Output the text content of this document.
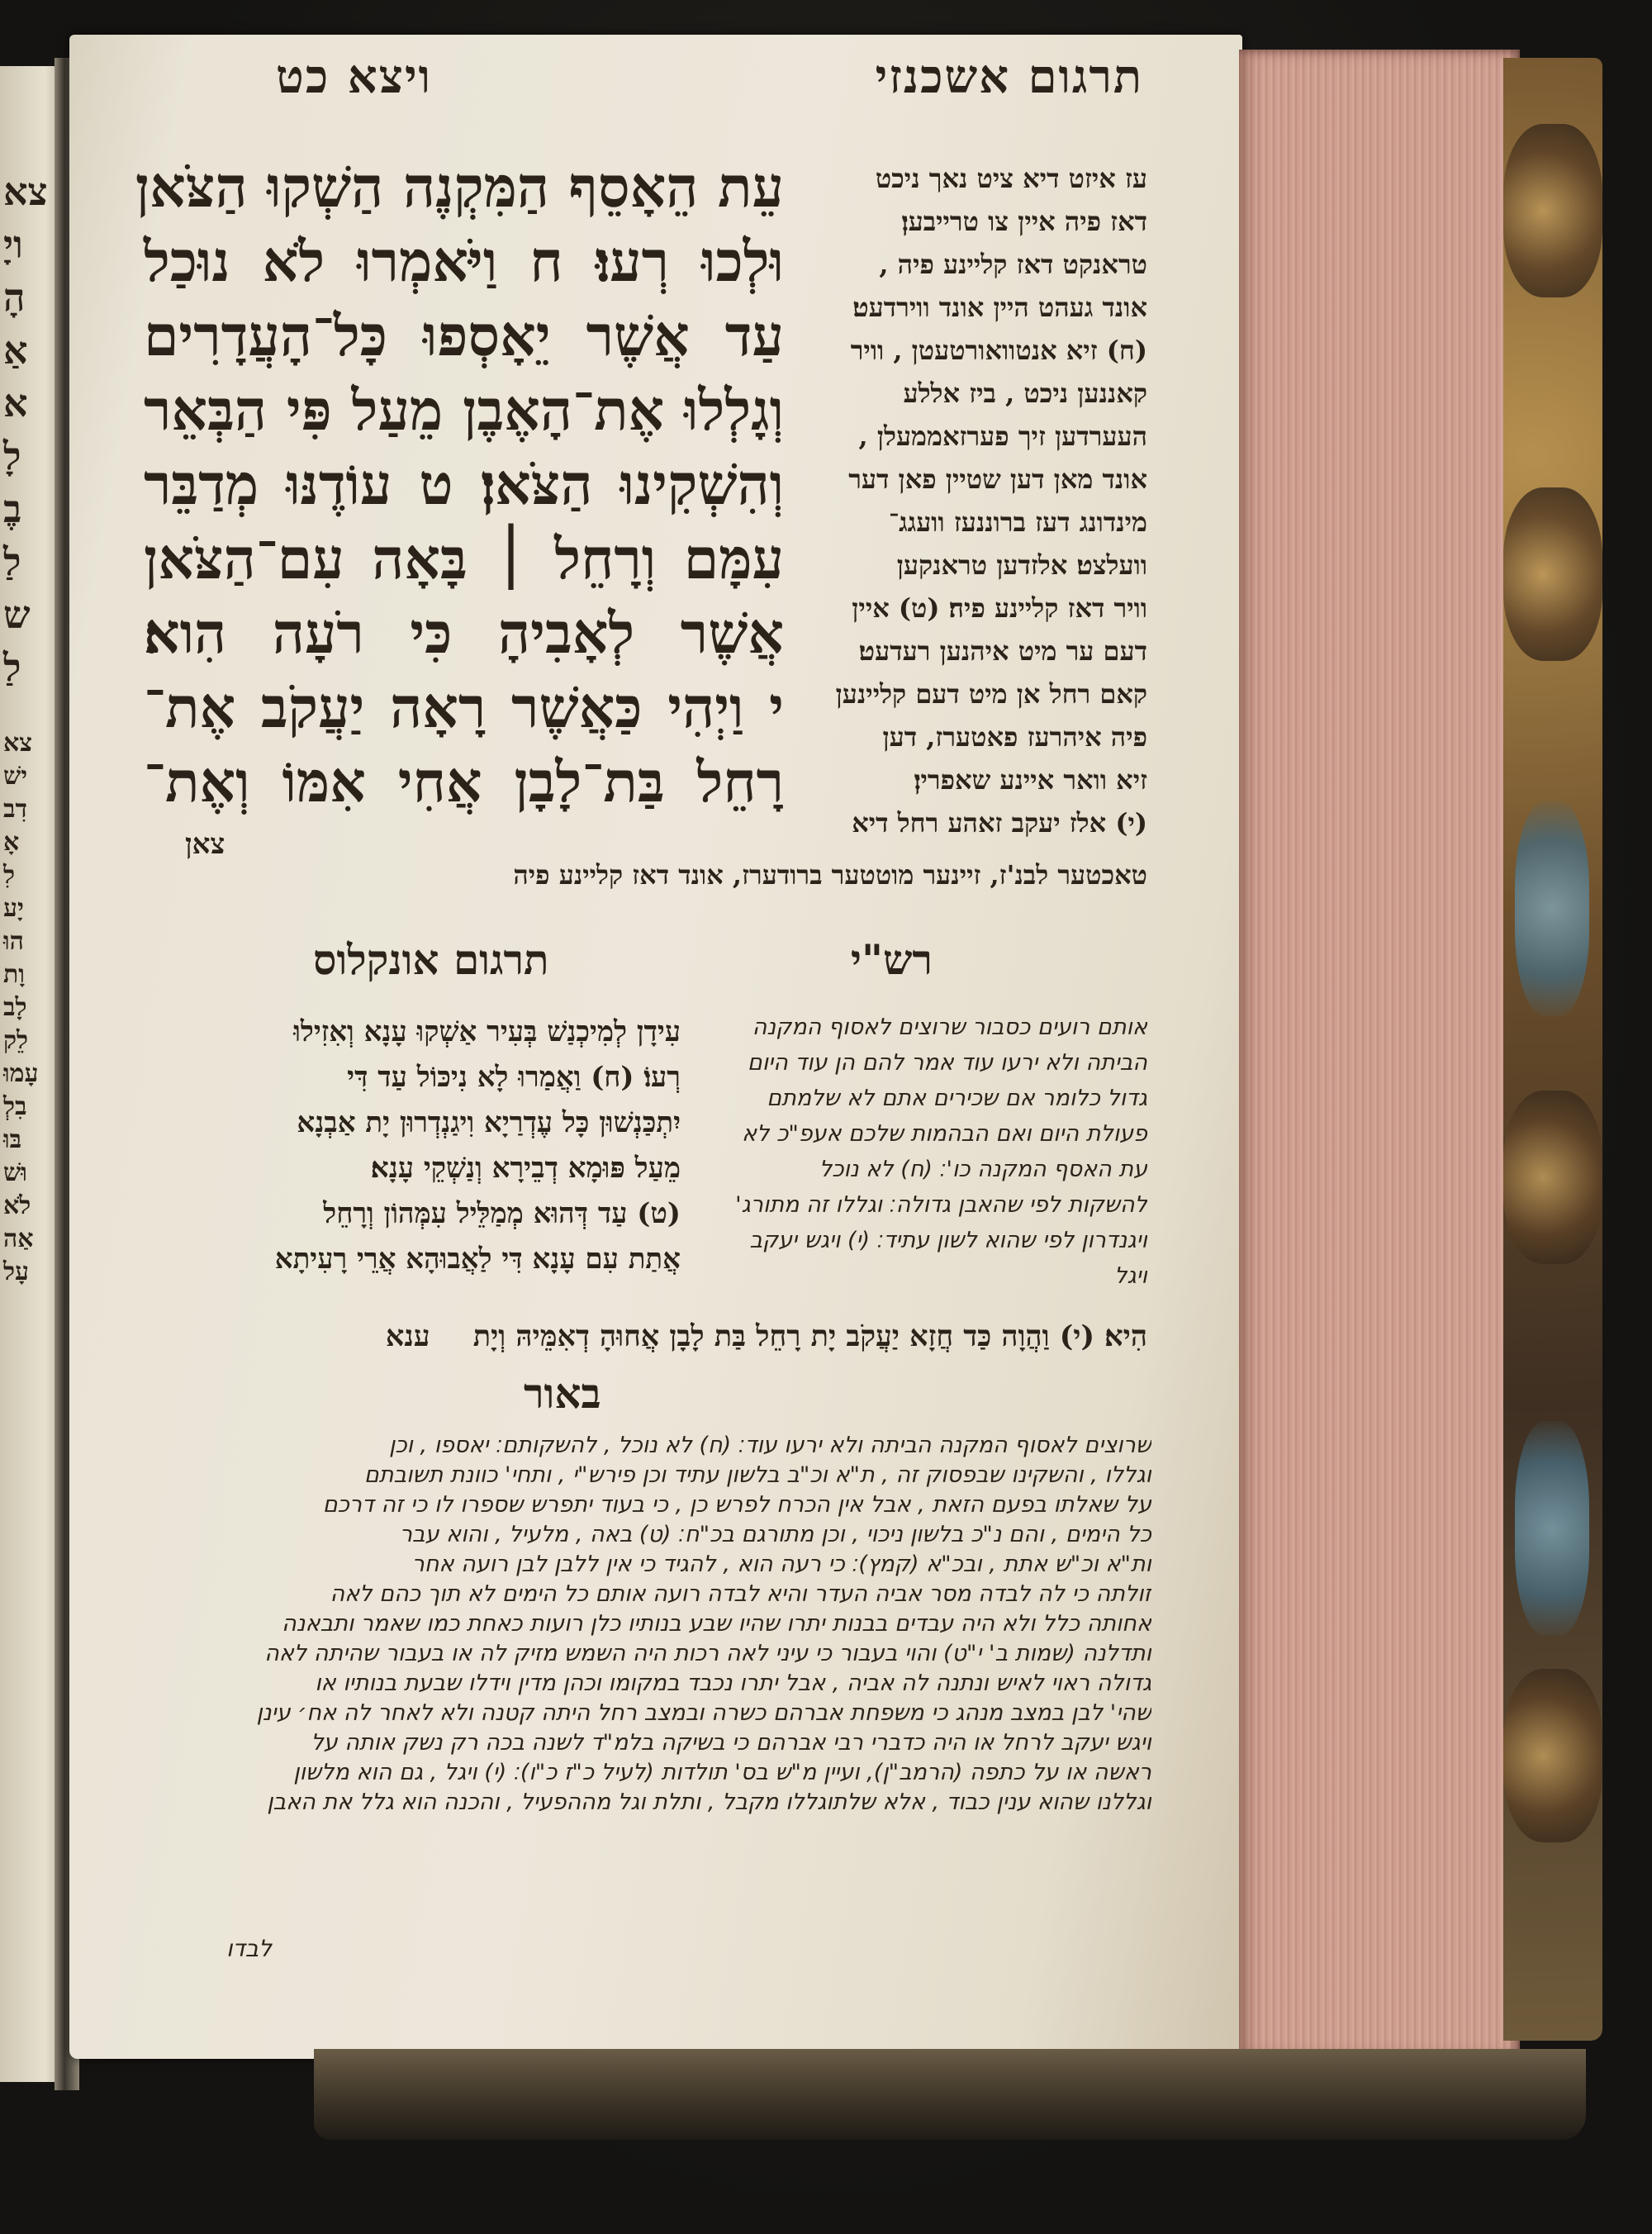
צא
ויָ
הָ
אַ
א
לָ
בֶ
לַ
ש
לַ
צא
ישׁ
דִב
אָ
לִ
יָע
הוּ
וָת
לָב
לֵק
עָמוּ
בִלְ
בּוּ
וּשׁ
לֹא
אַה
עָל
תרגום אשכנזי
ויצא כט
עֵת הֵאָסֵף הַמִּקְנֶה הַשְׁקוּ הַצֹּאן
וּלְכוּ רְעוּ׃ ח וַיֹּאמְרוּ לֹא נוּכַל
עַד אֲשֶׁר יֵאָסְפוּ כָּל־הָעֲדָרִים
וְגָלְלוּ אֶת־הָאֶבֶן מֵעַל פִּי הַבְּאֵר
וְהִשְׁקִינוּ הַצֹּאן׃ ט עוֹדֶנּוּ מְדַבֵּר
עִמָּם וְרָחֵל ׀ בָּאָה עִם־הַצֹּאן
אֲשֶׁר לְאָבִיהָ כִּי רֹעָה הִוא׃
י וַיְהִי כַּאֲשֶׁר רָאָה יַעֲקֹב אֶת־
רָחֵל בַּת־לָבָן אֲחִי אִמּוֹ וְאֶת־
צאן
עז איזט דיא ציט נאך ניכט
דאז פיה איין צו טרייבען׃
טראנקט דאז קליינע פיה ,
אונד געהט היין אונד ווירדעט׃
(ח) זיא אנטוואורטעטן , וויר
קאננען ניכט , ביז אללע
העערדען זיך פערזאממעלן ,
אונד מאן דען שטיין פאן דער
מינדונג דעז ברוננעז וועגג־
וועלצט׃ אלזדען טראנקען
וויר דאז קליינע פיה׃ (ט) איין
דעם ער מיט איהנען רעדעט׃
קאם רחל אן מיט דעם קליינען
פיה איהרעז פאטערז, דען
זיא וואר איינע שאפרין׃
(י) אלז יעקב זאהע רחל דיא
טאכטער לבנ'ז, זיינער מוטטער ברודערז, אונד דאז קליינע פיה
רש"י
תרגום אונקלוס
אותם רועים כסבור שרוצים לאסוף המקנה
הביתה ולא ירעו עוד אמר להם הן עוד היום
גדול כלומר אם שכירים אתם לא שלמתם
פעולת היום ואם הבהמות שלכם אעפ"כ לא
עת האסף המקנה כו'׃ (ח) לא נוכל
להשקות לפי שהאבן גדולה׃ וגללו זה מתורג'
ויגנדרון לפי שהוא לשון עתיד׃ (י) ויגש יעקב
ויגל
עִידָן לְמִיכְנַשׁ בְּעִיר אַשְׁקוּ עָנָא וְאִזִילוּ
רְעוֹ׃ (ח) וַאֲמַרוּ לָא נִיכּוֹל עַד דִּי
יִתְכַּנְשׁוּן כָּל עֶדְרַיָא וִיגַנְדְרוּן יָת אַבְנָא
מֵעַל פּוּמָא דְבֵירָא וְנַשְׁקֵי עָנָא׃
(ט) עַד דְּהוּא מְמַלֵּיל עִמְּהוֹן וְרָחֵל
אֲתַת עִם עָנָא דִּי לַאֲבוּהָא אֲרֵי רָעִיתָא
הִיא׃ (י) וַהֲוָה כַּד חֲזָא יַעֲקֹב יָת רָחֵל בַּת לָבָן אֲחוּהָ דְאִמֵּיהּ וְיָת ענא
באור
שרוצים לאסוף המקנה הביתה ולא ירעו עוד׃ (ח) לא נוכל , להשקותם׃ יאספו , וכן
וגללו , והשקינו שבפסוק זה , ת"א וכ"ב בלשון עתיד וכן פירש"י , ותחי' כוונת תשובתם
על שאלתו בפעם הזאת , אבל אין הכרח לפרש כן , כי בעוד יתפרש שספרו לו כי זה דרכם
כל הימים , והם נ"כ בלשון ניכוי , וכן מתורגם בכ"ח׃ (ט) באה , מלעיל , והוא עבר
ות"א וכ"ש אתת , ובכ"א (קמץ)׃ כי רעה הוא , להגיד כי אין ללבן לבן רועה אחר
זולתה כי לה לבדה מסר אביה העדר והיא לבדה רועה אותם כל הימים לא תוך כהם לאה
אחותה כלל ולא היה עבדים בבנות יתרו שהיו שבע בנותיו כלן רועות כאחת כמו שאמר ותבאנה
ותדלנה (שמות ב' י"ט) והוי בעבור כי עיני לאה רכות היה השמש מזיק לה או בעבור שהיתה לאה
גדולה ראוי לאיש ונתנה לה אביה , אבל יתרו נכבד במקומו וכהן מדין וידלו שבעת בנותיו או
שהי' לבן במצב מנהג כי משפחת אברהם כשרה ובמצב רחל היתה קטנה ולא לאחר לה אח׳ עינן
ויגש יעקב לרחל או היה כדברי רבי אברהם כי בשיקה בלמ"ד לשנה בכה רק נשק אותה על
ראשה או על כתפה (הרמב"ן), ועיין מ"ש בס' תולדות (לעיל כ"ז כ"ו)׃ (י) ויגל , גם הוא מלשון
וגללנו שהוא ענין כבוד , אלא שלתוגללו מקבל , ותלת וגל מההפעיל , והכנה הוא גלל את האבן
לבדו
